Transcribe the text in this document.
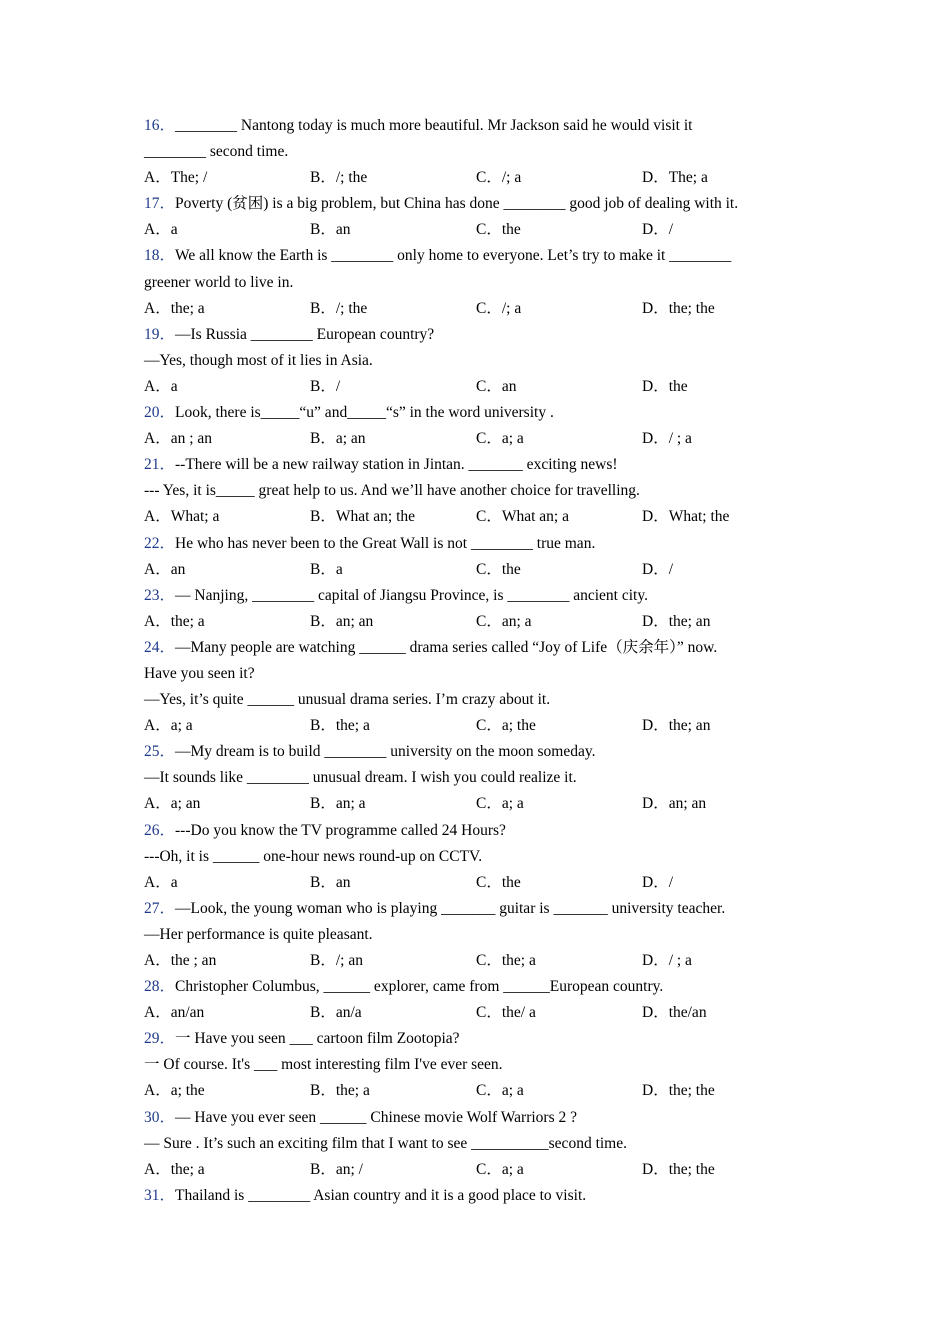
16．________ Nantong today is much more beautiful. Mr Jackson said he would visit it
________ second time.
A．The; /	B．/; the	C．/; a	D．The; a
17．Poverty (贫困) is a big problem, but China has done ________ good job of dealing with it.
A．a	B．an	C．the	D．/
18．We all know the Earth is ________ only home to everyone. Let’s try to make it ________
greener world to live in.
A．the; a	B．/; the	C．/; a	D．the; the
19．—Is Russia ________ European country?
—Yes, though most of it lies in Asia.
A．a	B．/	C．an	D．the
20．Look, there is_____“u” and_____“s” in the word university .
A．an ; an	B．a; an	C．a; a	D．/ ; a
21．--There will be a new railway station in Jintan. _______ exciting news!
--- Yes, it is_____ great help to us. And we’ll have another choice for travelling.
A．What; a	B．What an; the	C．What an; a	D．What; the
22．He who has never been to the Great Wall is not ________ true man.
A．an	B．a	C．the	D．/
23．— Nanjing, ________ capital of Jiangsu Province, is ________ ancient city.
A．the; a	B．an; an	C．an; a	D．the; an
24．—Many people are watching ______ drama series called “Joy of Life（庆余年）” now.
Have you seen it?
—Yes, it’s quite ______ unusual drama series. I’m crazy about it.
A．a; a	B．the; a	C．a; the	D．the; an
25．—My dream is to build ________ university on the moon someday.
—It sounds like ________ unusual dream. I wish you could realize it.
A．a; an	B．an; a	C．a; a	D．an; an
26．---Do you know the TV programme called 24 Hours?
---Oh, it is ______ one-hour news round-up on CCTV.
A．a	B．an	C．the	D．/
27．—Look, the young woman who is playing _______ guitar is _______ university teacher.
—Her performance is quite pleasant.
A．the ; an	B．/; an	C．the; a	D．/ ; a
28．Christopher Columbus, ______ explorer, came from ______European country.
A．an/an	B．an/a	C．the/ a	D．the/an
29．一 Have you seen ___ cartoon film Zootopia?
一 Of course. It's ___ most interesting film I've ever seen.
A．a; the	B．the; a	C．a; a	D．the; the
30．— Have you ever seen ______ Chinese movie Wolf Warriors 2 ?
— Sure . It’s such an exciting film that I want to see __________second time.
A．the; a	B．an; /	C．a; a	D．the; the
31．Thailand is ________ Asian country and it is a good place to visit.
